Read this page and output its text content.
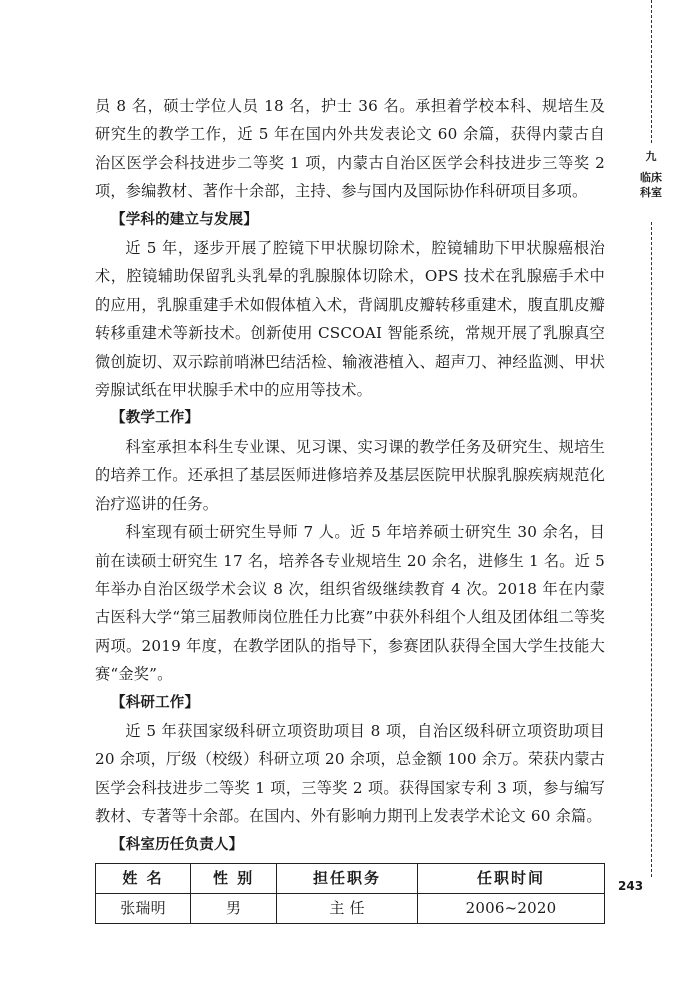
九
临床科室

员 8 名，硕士学位人员 18 名，护士 36 名。承担着学校本科、规培生及研究生的教学工作，近 5 年在国内外共发表论文 60 余篇，获得内蒙古自治区医学会科技进步二等奖 1 项，内蒙古自治区医学会科技进步三等奖 2 项，参编教材、著作十余部，主持、参与国内及国际协作科研项目多项。

【学科的建立与发展】

近 5 年，逐步开展了腔镜下甲状腺切除术，腔镜辅助下甲状腺癌根治术，腔镜辅助保留乳头乳晕的乳腺腺体切除术，OPS 技术在乳腺癌手术中的应用，乳腺重建手术如假体植入术，背阔肌皮瓣转移重建术，腹直肌皮瓣转移重建术等新技术。创新使用 CSCOAI 智能系统，常规开展了乳腺真空微创旋切、双示踪前哨淋巴结活检、输液港植入、超声刀、神经监测、甲状旁腺试纸在甲状腺手术中的应用等技术。

【教学工作】

科室承担本科生专业课、见习课、实习课的教学任务及研究生、规培生的培养工作。还承担了基层医师进修培养及基层医院甲状腺乳腺疾病规范化治疗巡讲的任务。

科室现有硕士研究生导师 7 人。近 5 年培养硕士研究生 30 余名，目前在读硕士研究生 17 名，培养各专业规培生 20 余名，进修生 1 名。近 5 年举办自治区级学术会议 8 次，组织省级继续教育 4 次。2018 年在内蒙古医科大学“第三届教师岗位胜任力比赛”中获外科组个人组及团体组二等奖两项。2019 年度，在教学团队的指导下，参赛团队获得全国大学生技能大赛“金奖”。

【科研工作】

近 5 年获国家级科研立项资助项目 8 项，自治区级科研立项资助项目 20 余项，厅级（校级）科研立项 20 余项，总金额 100 余万。荣获内蒙古医学会科技进步二等奖 1 项，三等奖 2 项。获得国家专利 3 项，参与编写教材、专著等十余部。在国内、外有影响力期刊上发表学术论文 60 余篇。

【科室历任负责人】
姓 名	性 别	担任职务	任职时间
张瑞明	男	主 任	2006~2020
243
